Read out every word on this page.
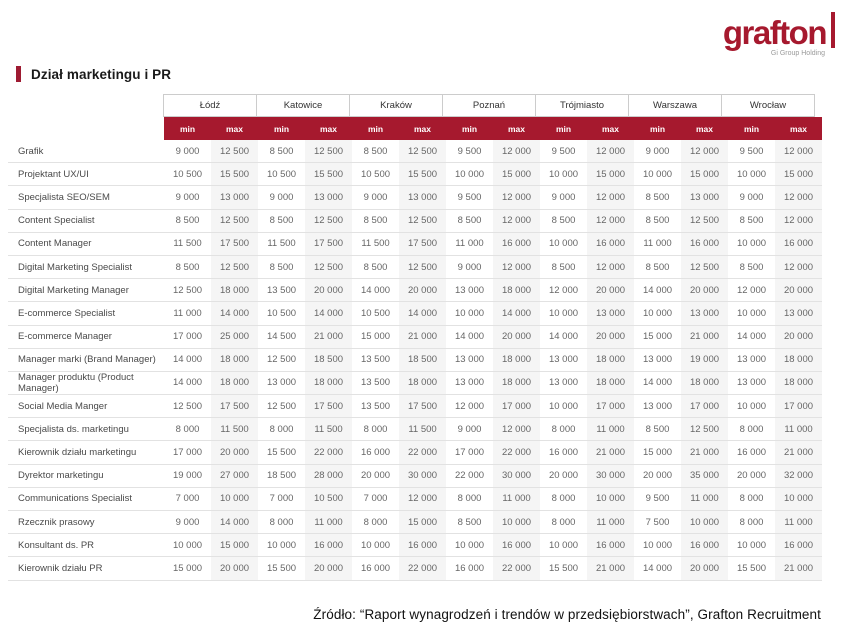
grafton
Gi Group Holding
Dział marketingu i PR
Łódź	Katowice	Kraków	Poznań	Trójmiasto	Warszawa	Wrocław
min	max	min	max	min	max	min	max	min	max	min	max	min	max
Grafik	9 000	12 500	8 500	12 500	8 500	12 500	9 500	12 000	9 500	12 000	9 000	12 000	9 500	12 000
Projektant UX/UI	10 500	15 500	10 500	15 500	10 500	15 500	10 000	15 000	10 000	15 000	10 000	15 000	10 000	15 000
Specjalista SEO/SEM	9 000	13 000	9 000	13 000	9 000	13 000	9 500	12 000	9 000	12 000	8 500	13 000	9 000	12 000
Content Specialist	8 500	12 500	8 500	12 500	8 500	12 500	8 500	12 000	8 500	12 000	8 500	12 500	8 500	12 000
Content Manager	11 500	17 500	11 500	17 500	11 500	17 500	11 000	16 000	10 000	16 000	11 000	16 000	10 000	16 000
Digital Marketing Specialist	8 500	12 500	8 500	12 500	8 500	12 500	9 000	12 000	8 500	12 000	8 500	12 500	8 500	12 000
Digital Marketing Manager	12 500	18 000	13 500	20 000	14 000	20 000	13 000	18 000	12 000	20 000	14 000	20 000	12 000	20 000
E-commerce Specialist	11 000	14 000	10 500	14 000	10 500	14 000	10 000	14 000	10 000	13 000	10 000	13 000	10 000	13 000
E-commerce Manager	17 000	25 000	14 500	21 000	15 000	21 000	14 000	20 000	14 000	20 000	15 000	21 000	14 000	20 000
Manager marki (Brand Manager)	14 000	18 000	12 500	18 500	13 500	18 500	13 000	18 000	13 000	18 000	13 000	19 000	13 000	18 000
Manager produktu (Product Manager)	14 000	18 000	13 000	18 000	13 500	18 000	13 000	18 000	13 000	18 000	14 000	18 000	13 000	18 000
Social Media Manger	12 500	17 500	12 500	17 500	13 500	17 500	12 000	17 000	10 000	17 000	13 000	17 000	10 000	17 000
Specjalista ds. marketingu	8 000	11 500	8 000	11 500	8 000	11 500	9 000	12 000	8 000	11 000	8 500	12 500	8 000	11 000
Kierownik działu marketingu	17 000	20 000	15 500	22 000	16 000	22 000	17 000	22 000	16 000	21 000	15 000	21 000	16 000	21 000
Dyrektor marketingu	19 000	27 000	18 500	28 000	20 000	30 000	22 000	30 000	20 000	30 000	20 000	35 000	20 000	32 000
Communications Specialist	7 000	10 000	7 000	10 500	7 000	12 000	8 000	11 000	8 000	10 000	9 500	11 000	8 000	10 000
Rzecznik prasowy	9 000	14 000	8 000	11 000	8 000	15 000	8 500	10 000	8 000	11 000	7 500	10 000	8 000	11 000
Konsultant ds. PR	10 000	15 000	10 000	16 000	10 000	16 000	10 000	16 000	10 000	16 000	10 000	16 000	10 000	16 000
Kierownik działu PR	15 000	20 000	15 500	20 000	16 000	22 000	16 000	22 000	15 500	21 000	14 000	20 000	15 500	21 000
Źródło: “Raport wynagrodzeń i trendów w przedsiębiorstwach”, Grafton Recruitment
